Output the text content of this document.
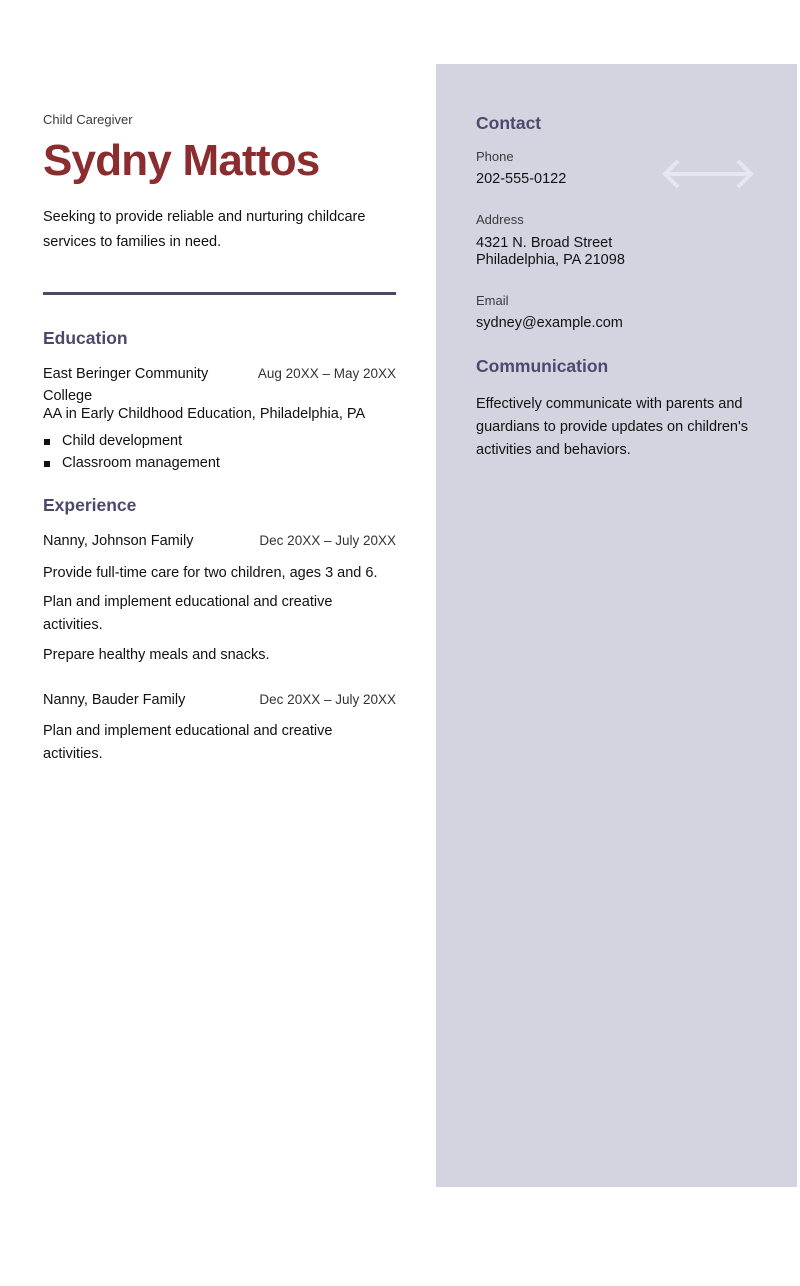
Child Caregiver
Sydny Mattos
Seeking to provide reliable and nurturing childcare services to families in need.
Education
East Beringer Community	Aug 20XX – May 20XX
College
AA in Early Childhood Education, Philadelphia, PA
Child development
Classroom management
Experience
Nanny, Johnson Family	Dec 20XX – July 20XX
Provide full-time care for two children, ages 3 and 6.
Plan and implement educational and creative activities.
Prepare healthy meals and snacks.
Nanny, Bauder Family	Dec 20XX – July 20XX
Plan and implement educational and creative activities.
Contact
Phone
202-555-0122
Address
4321 N. Broad Street
Philadelphia, PA 21098
Email
sydney@example.com
Communication
Effectively communicate with parents and guardians to provide updates on children's activities and behaviors.
